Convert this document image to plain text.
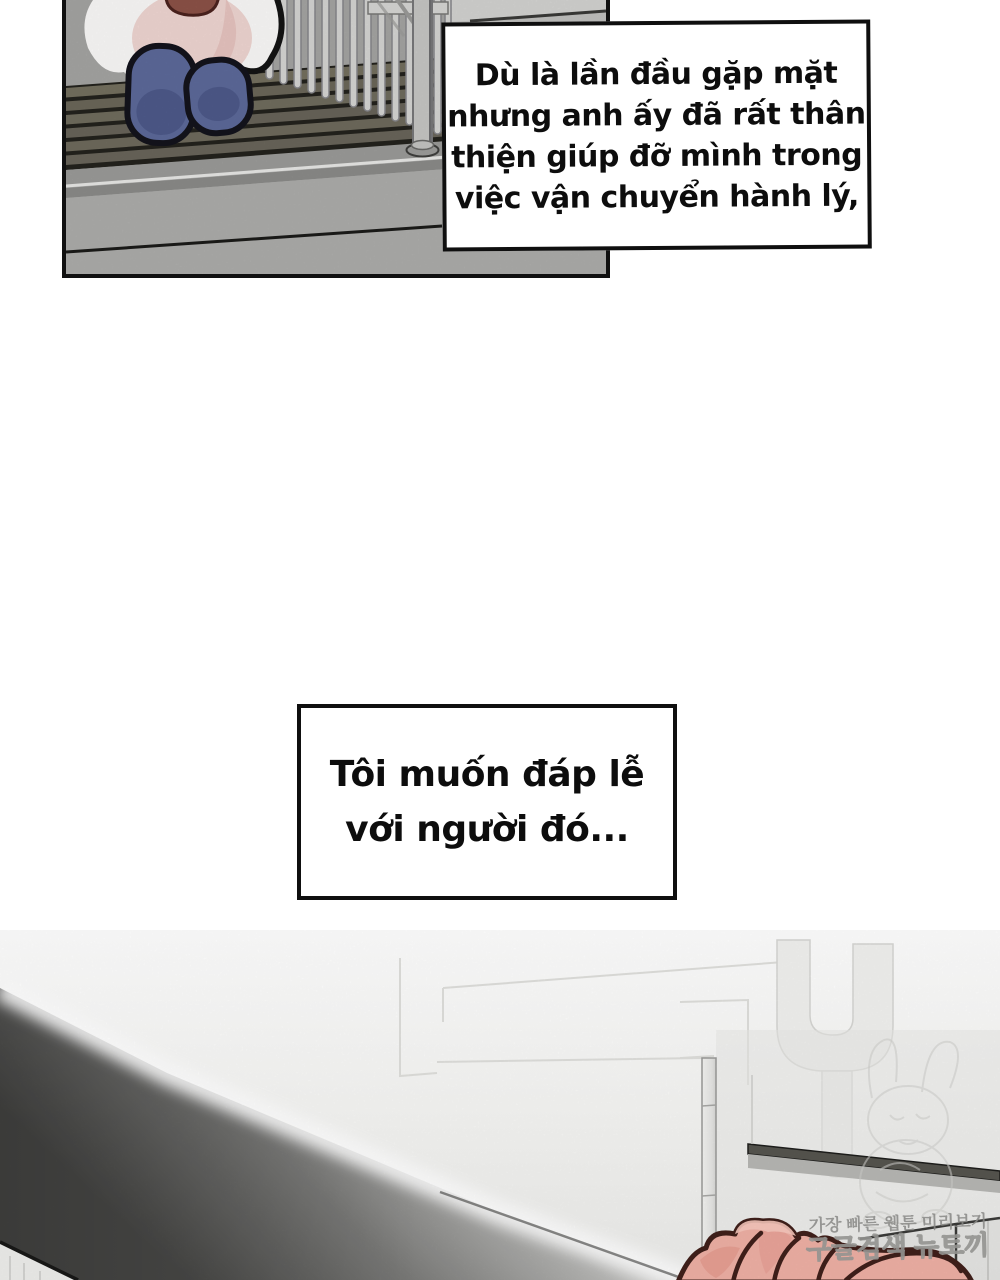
Dù là lần đầu gặp mặt
nhưng anh ấy đã rất thân
thiện giúp đỡ mình trong
việc vận chuyển hành lý,
Tôi muốn đáp lễ
với người đó...
가장 빠른 웹툰 미리보기
구글검색 뉴토끼
